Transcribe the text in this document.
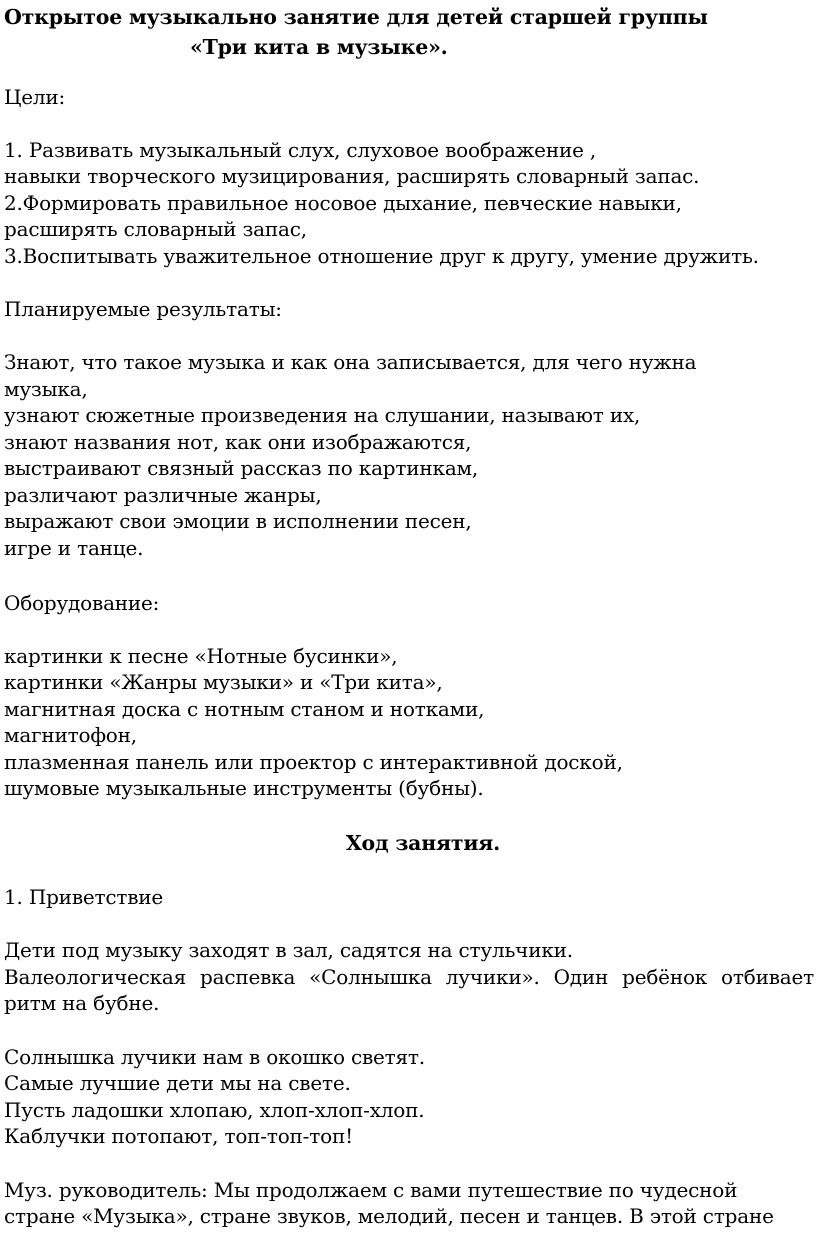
Открытое музыкально занятие для детей старшей группы
«Три кита в музыке».
Цели:
1. Развивать музыкальный слух, слуховое воображение ,
навыки творческого музицирования, расширять словарный запас.
2.Формировать правильное носовое дыхание, певческие навыки,
расширять словарный запас,
3.Воспитывать уважительное отношение друг к другу, умение дружить.
Планируемые результаты:
Знают, что такое музыка и как она записывается, для чего нужна
музыка,
узнают сюжетные произведения на слушании, называют их,
знают названия нот, как они изображаются,
выстраивают связный рассказ по картинкам,
различают различные жанры,
выражают свои эмоции в исполнении песен,
игре и танце.
Оборудование:
картинки к песне «Нотные бусинки»,
картинки «Жанры музыки» и «Три кита»,
магнитная доска с нотным станом и нотками,
магнитофон,
плазменная панель или проектор с интерактивной доской,
шумовые музыкальные инструменты (бубны).
Ход занятия.
1. Приветствие
Дети под музыку заходят в зал, садятся на стульчики.
Валеологическая распевка «Солнышка лучики». Один ребёнок отбивает
ритм на бубне.
Солнышка лучики нам в окошко светят.
Самые лучшие дети мы на свете.
Пусть ладошки хлопаю, хлоп-хлоп-хлоп.
Каблучки потопают, топ-топ-топ!
Муз. руководитель: Мы продолжаем с вами путешествие по чудесной
стране «Музыка», стране звуков, мелодий, песен и танцев. В этой стране
